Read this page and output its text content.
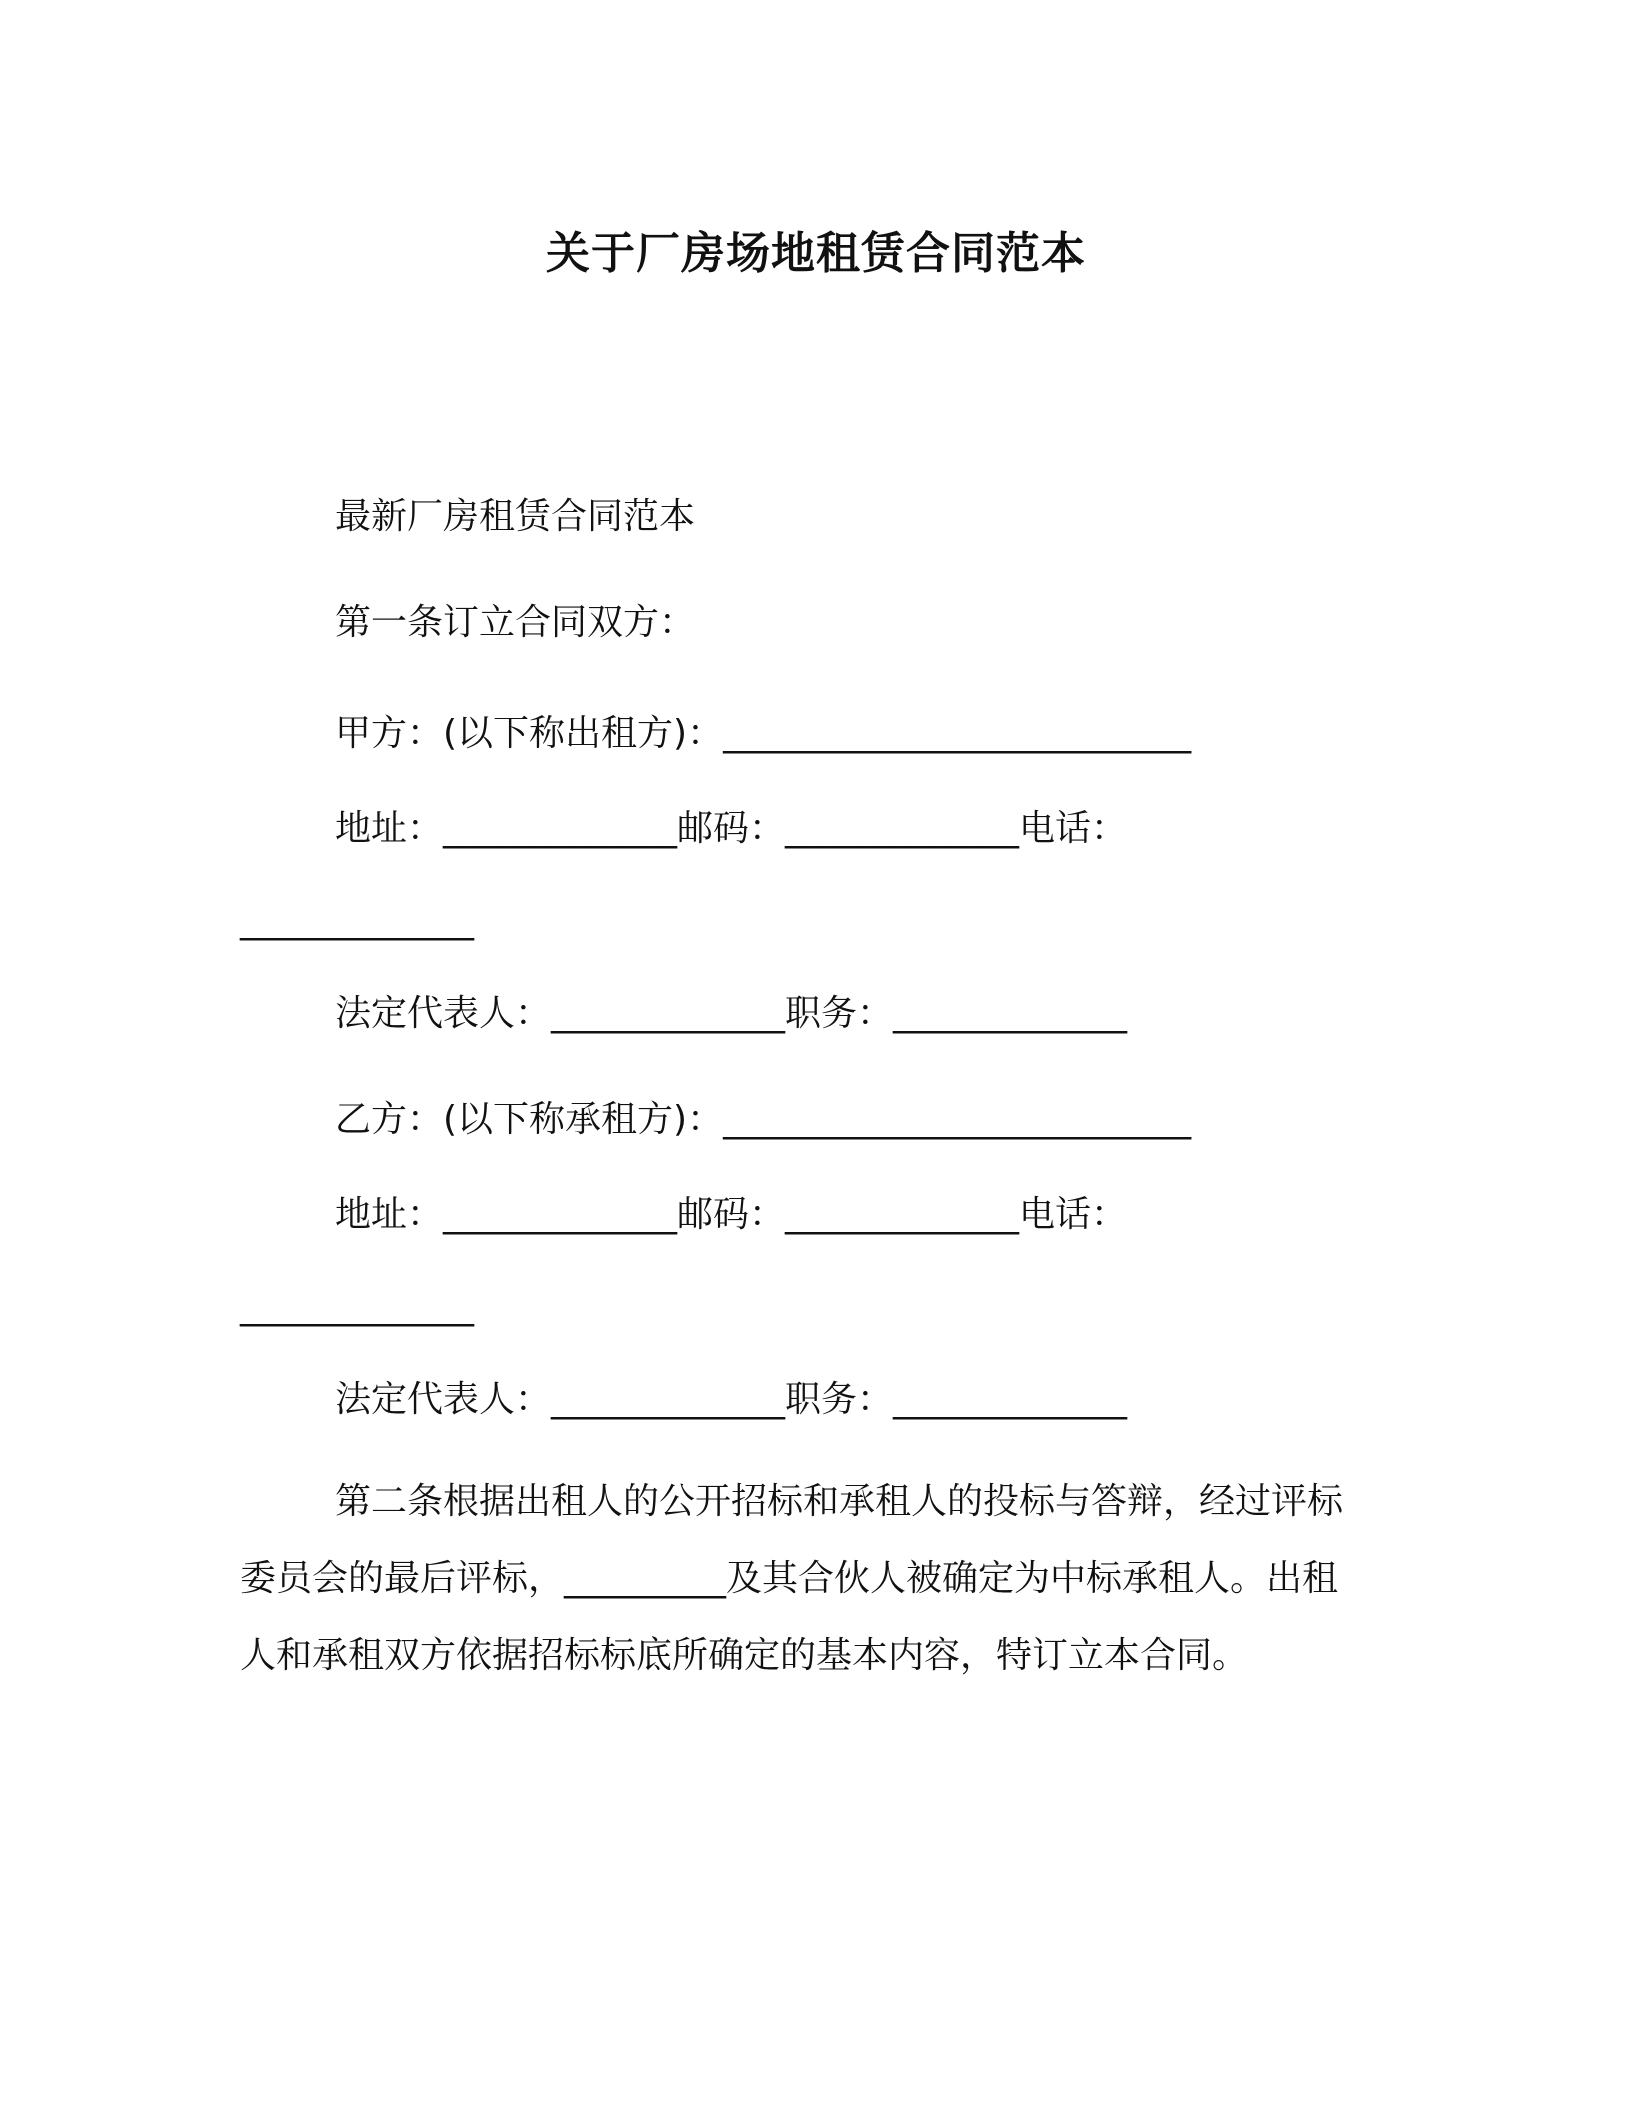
关于厂房场地租赁合同范本
最新厂房租赁合同范本
第一条订立合同双方：
甲方：(以下称出租方)：__________________________
地址：_____________邮码：_____________电话：
_____________
法定代表人：_____________职务：_____________
乙方：(以下称承租方)：__________________________
地址：_____________邮码：_____________电话：
_____________
法定代表人：_____________职务：_____________
第二条根据出租人的公开招标和承租人的投标与答辩，经过评标
委员会的最后评标，_________及其合伙人被确定为中标承租人。出租
人和承租双方依据招标标底所确定的基本内容，特订立本合同。
